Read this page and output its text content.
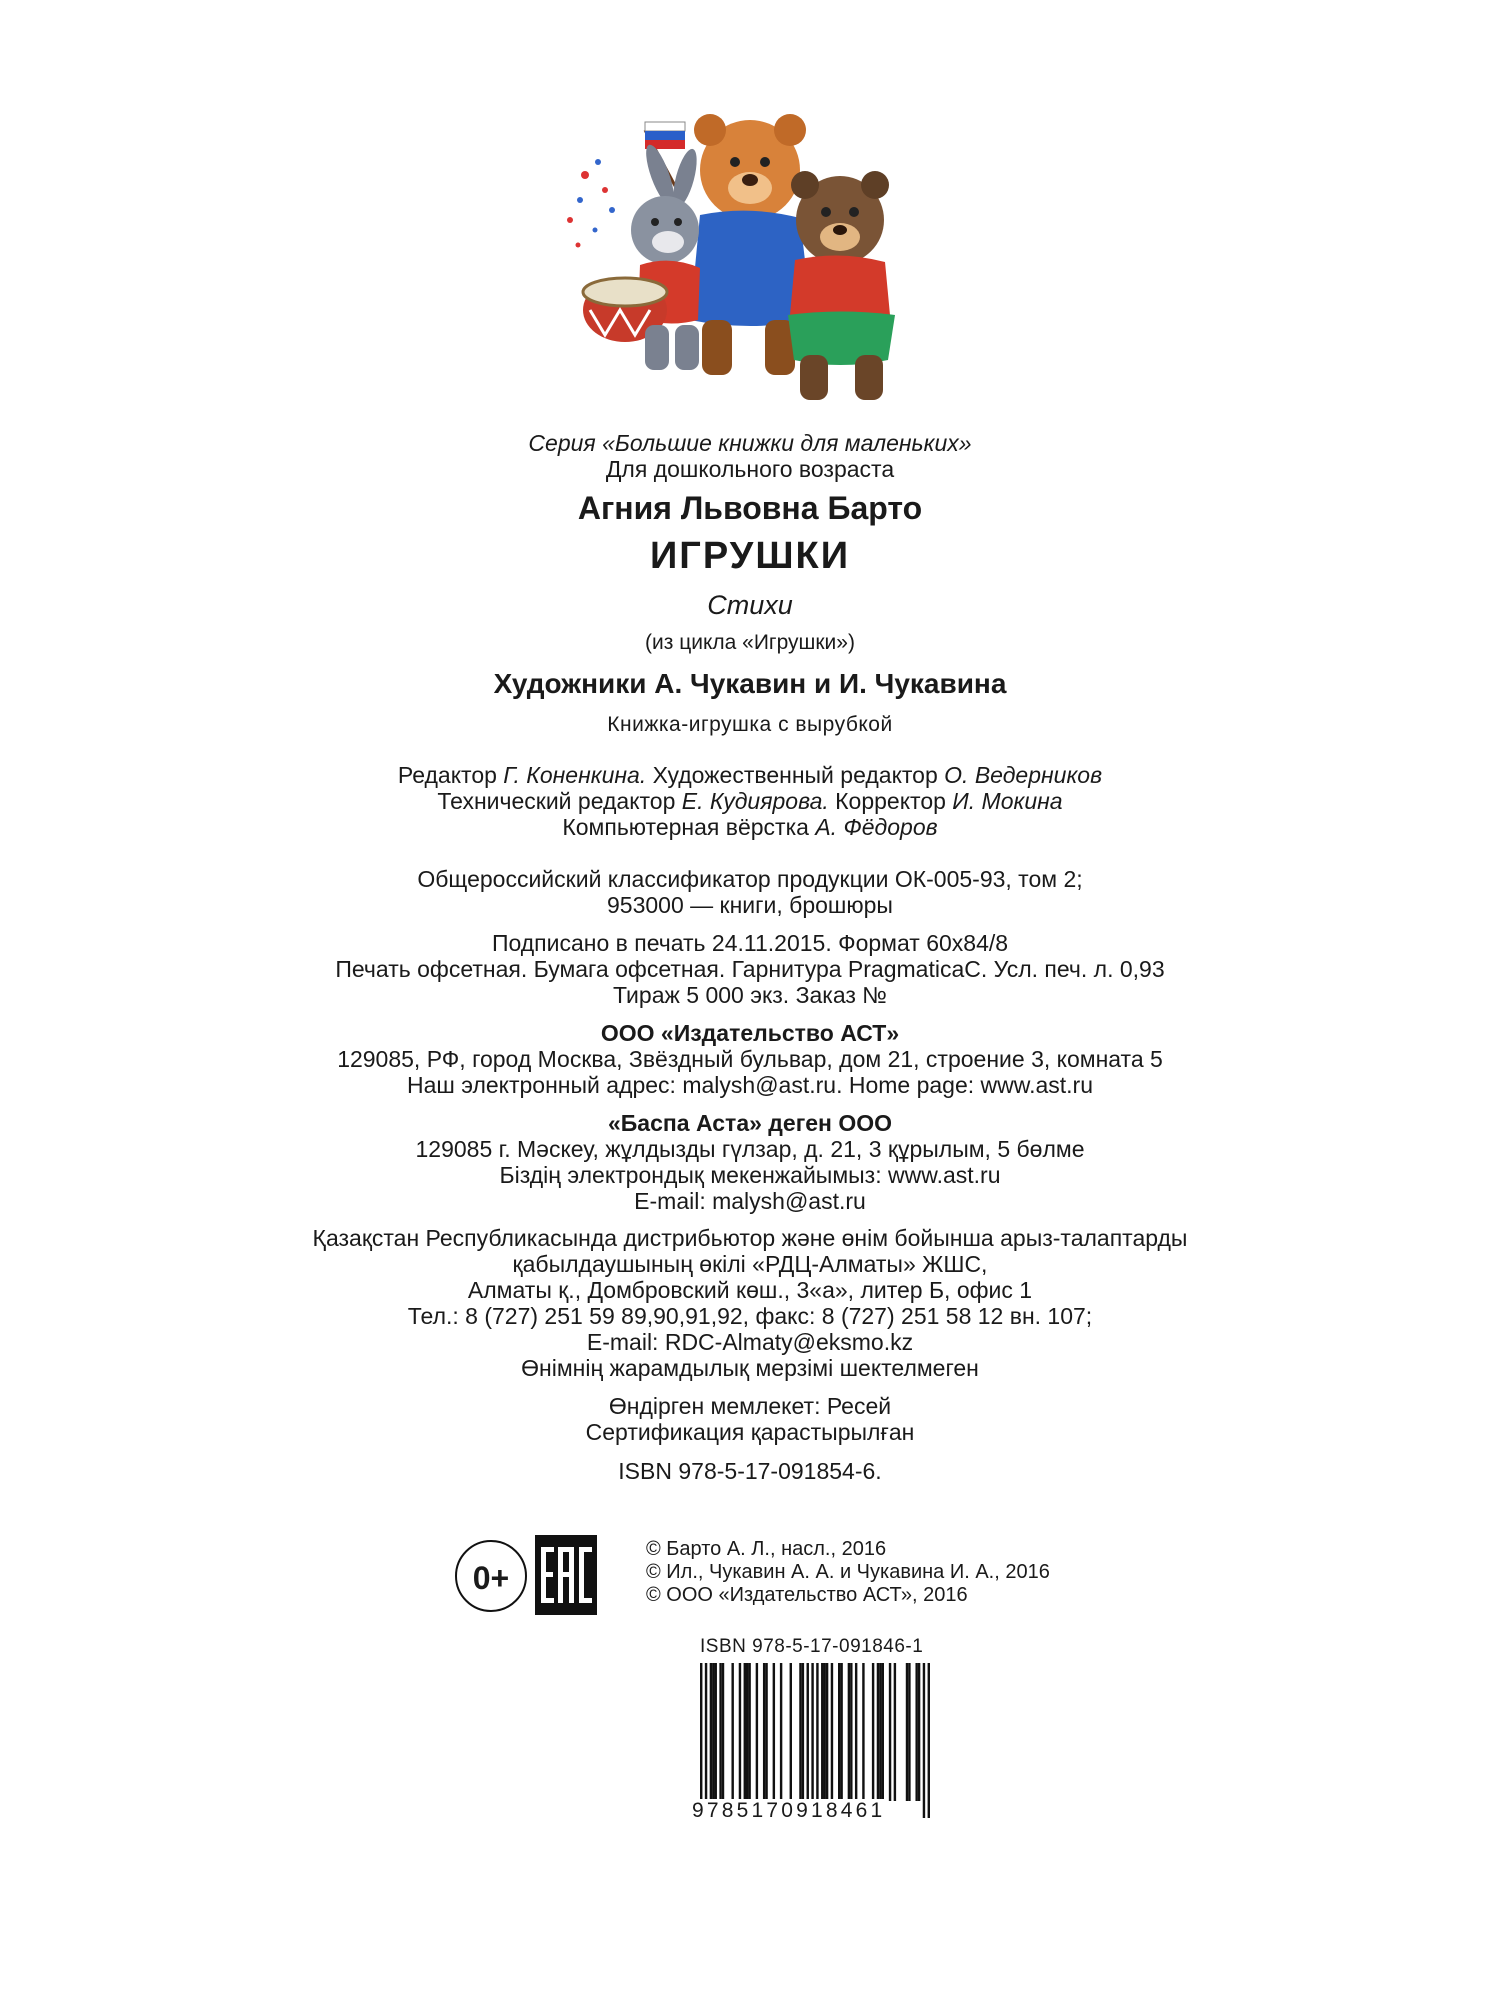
Серия «Большие книжки для маленьких»
Для дошкольного возраста
Агния Львовна Барто
ИГРУШКИ
Стихи
(из цикла «Игрушки»)
Художники А. Чукавин и И. Чукавина
Книжка-игрушка с вырубкой
Редактор Г. Коненкина. Художественный редактор О. Ведерников
Технический редактор Е. Кудиярова. Корректор И. Мокина
Компьютерная вёрстка А. Фёдоров
Общероссийский классификатор продукции ОК-005-93, том 2;
953000 — книги, брошюры
Подписано в печать 24.11.2015. Формат 60х84/8
Печать офсетная. Бумага офсетная. Гарнитура PragmaticaC. Усл. печ. л. 0,93
Тираж 5 000 экз. Заказ №
ООО «Издательство АСТ»
129085, РФ, город Москва, Звёздный бульвар, дом 21, строение 3, комната 5
Наш электронный адрес: malysh@ast.ru. Home page: www.ast.ru
«Баспа Аста» деген ООО
129085 г. Мәскеу, жұлдызды гүлзар, д. 21, 3 құрылым, 5 бөлме
Біздің электрондық мекенжайымыз: www.ast.ru
E-mail: malysh@ast.ru
Қазақстан Республикасында дистрибьютор және өнім бойынша арыз-талаптарды
қабылдаушының өкілі «РДЦ-Алматы» ЖШС,
Алматы қ., Домбровский көш., 3«а», литер Б, офис 1
Тел.: 8 (727) 251 59 89,90,91,92, факс: 8 (727) 251 58 12 вн. 107;
E-mail: RDC-Almaty@eksmo.kz
Өнімнің жарамдылық мерзімі шектелмеген
Өндірген мемлекет: Ресей
Сертификация қарастырылған
ISBN 978-5-17-091854-6.
0+
© Барто А. Л., насл., 2016
© Ил., Чукавин А. А. и Чукавина И. А., 2016
© ООО «Издательство АСТ», 2016
ISBN 978-5-17-091846-1
9785170918461
